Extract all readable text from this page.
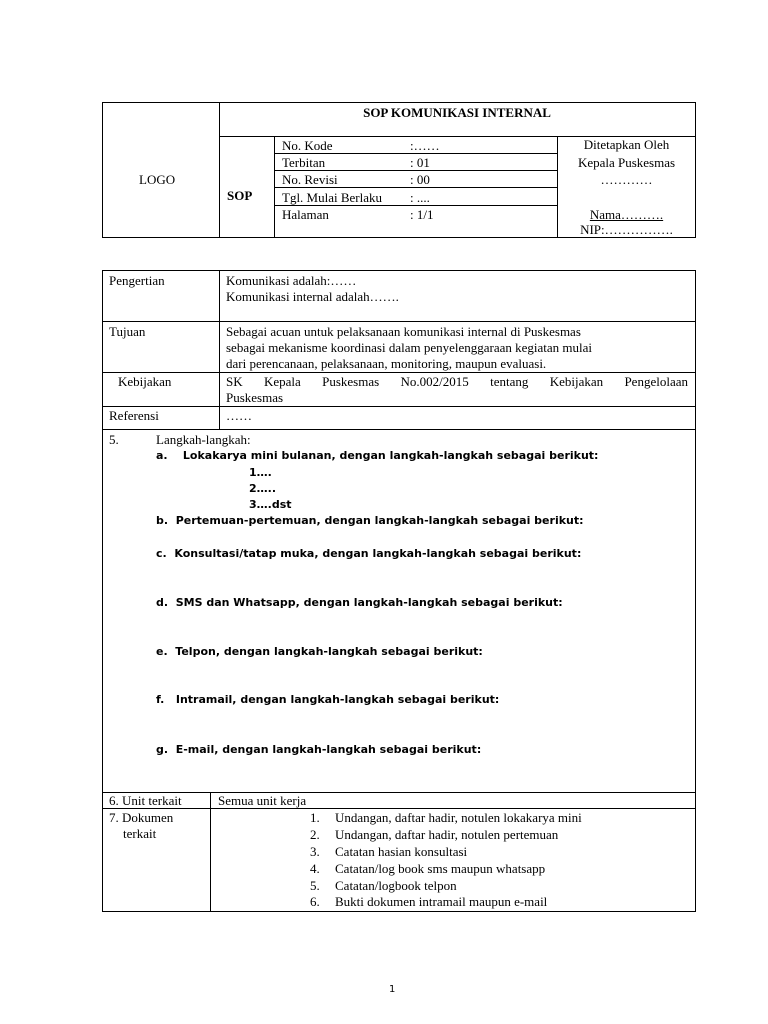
LOGO
SOP KOMUNIKASI INTERNAL
SOP
No. Kode	:……
Terbitan	: 01
No. Revisi	: 00
Tgl. Mulai Berlaku : ....
Halaman	: 1/1
Ditetapkan Oleh
Kepala Puskesmas
…………
Nama……….
NIP:…………….
Pengertian	Komunikasi adalah:……
Komunikasi internal adalah…….
Tujuan	Sebagai acuan untuk pelaksanaan komunikasi internal di Puskesmas
sebagai mekanisme koordinasi dalam penyelenggaraan kegiatan mulai
dari perencanaan, pelaksanaan, monitoring, maupun evaluasi.
Kebijakan	SK Kepala Puskesmas No.002/2015 tentang Kebijakan Pengelolaan
Puskesmas
Referensi	……
5.	Langkah-langkah:
a.    Lokakarya mini bulanan, dengan langkah-langkah sebagai berikut:
1….
2…..
3….dst
b.  Pertemuan-pertemuan, dengan langkah-langkah sebagai berikut:
c.  Konsultasi/tatap muka, dengan langkah-langkah sebagai berikut:
d.  SMS dan Whatsapp, dengan langkah-langkah sebagai berikut:
e.  Telpon, dengan langkah-langkah sebagai berikut:
f.   Intramail, dengan langkah-langkah sebagai berikut:
g.  E-mail, dengan langkah-langkah sebagai berikut:
6. Unit terkait	Semua unit kerja
7. Dokumen
terkait
1. Undangan, daftar hadir, notulen lokakarya mini
2. Undangan, daftar hadir, notulen pertemuan
3. Catatan hasian konsultasi
4. Catatan/log book sms maupun whatsapp
5. Catatan/logbook telpon
6. Bukti dokumen intramail maupun e-mail
1
